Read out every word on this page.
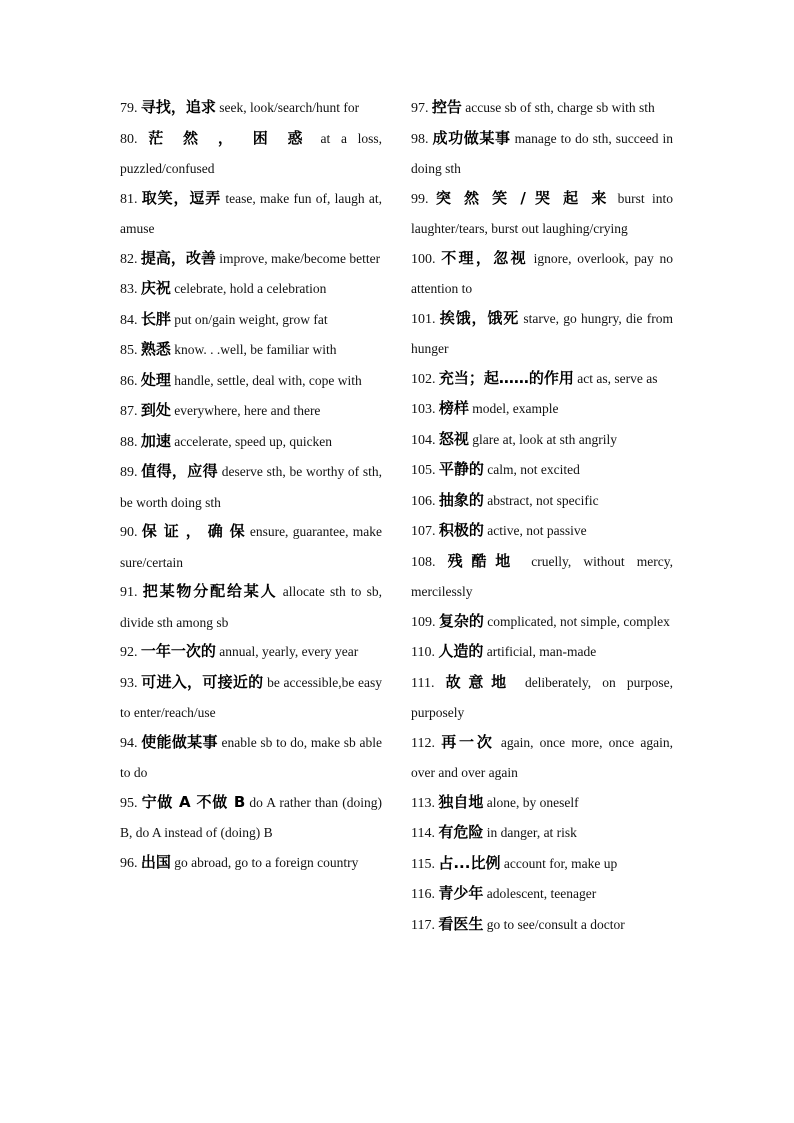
79. 寻找，追求 seek, look/search/hunt for

80. 茫 然 ， 困 惑 at a loss, puzzled/confused

81. 取笑，逗弄 tease, make fun of, laugh at, amuse

82. 提高，改善 improve, make/become better

83. 庆祝 celebrate, hold a celebration

84. 长胖 put on/gain weight, grow fat

85. 熟悉 know. . .well, be familiar with

86. 处理 handle, settle, deal with, cope with

87. 到处 everywhere, here and there

88. 加速 accelerate, speed up, quicken

89. 值得，应得 deserve sth, be worthy of sth, be worth doing sth

90. 保 证 ， 确 保 ensure, guarantee, make sure/certain

91. 把某物分配给某人 allocate sth to sb, divide sth among sb

92. 一年一次的 annual, yearly, every year

93. 可进入，可接近的 be accessible,be easy to enter/reach/use

94. 使能做某事 enable sb to do, make sb able to do

95. 宁做 A 不做 B do A rather than (doing) B, do A instead of (doing) B

96. 出国 go abroad, go to a foreign country

97. 控告 accuse sb of sth, charge sb with sth

98. 成功做某事 manage to do sth, succeed in doing sth

99. 突 然 笑 / 哭 起 来 burst into laughter/tears, burst out laughing/crying

100. 不理，忽视 ignore, overlook, pay no attention to

101. 挨饿，饿死 starve, go hungry, die from hunger

102. 充当；起……的作用 act as, serve as

103. 榜样 model, example

104. 怒视 glare at, look at sth angrily

105. 平静的 calm, not excited

106. 抽象的 abstract, not specific

107. 积极的 active, not passive

108. 残酷地 cruelly, without mercy, mercilessly

109. 复杂的 complicated, not simple, complex

110. 人造的 artificial, man-made

111. 故意地 deliberately, on purpose, purposely

112. 再一次 again, once more, once again, over and over again

113. 独自地 alone, by oneself

114. 有危险 in danger, at risk

115. 占...比例 account for, make up

116. 青少年 adolescent, teenager

117. 看医生 go to see/consult a doctor
